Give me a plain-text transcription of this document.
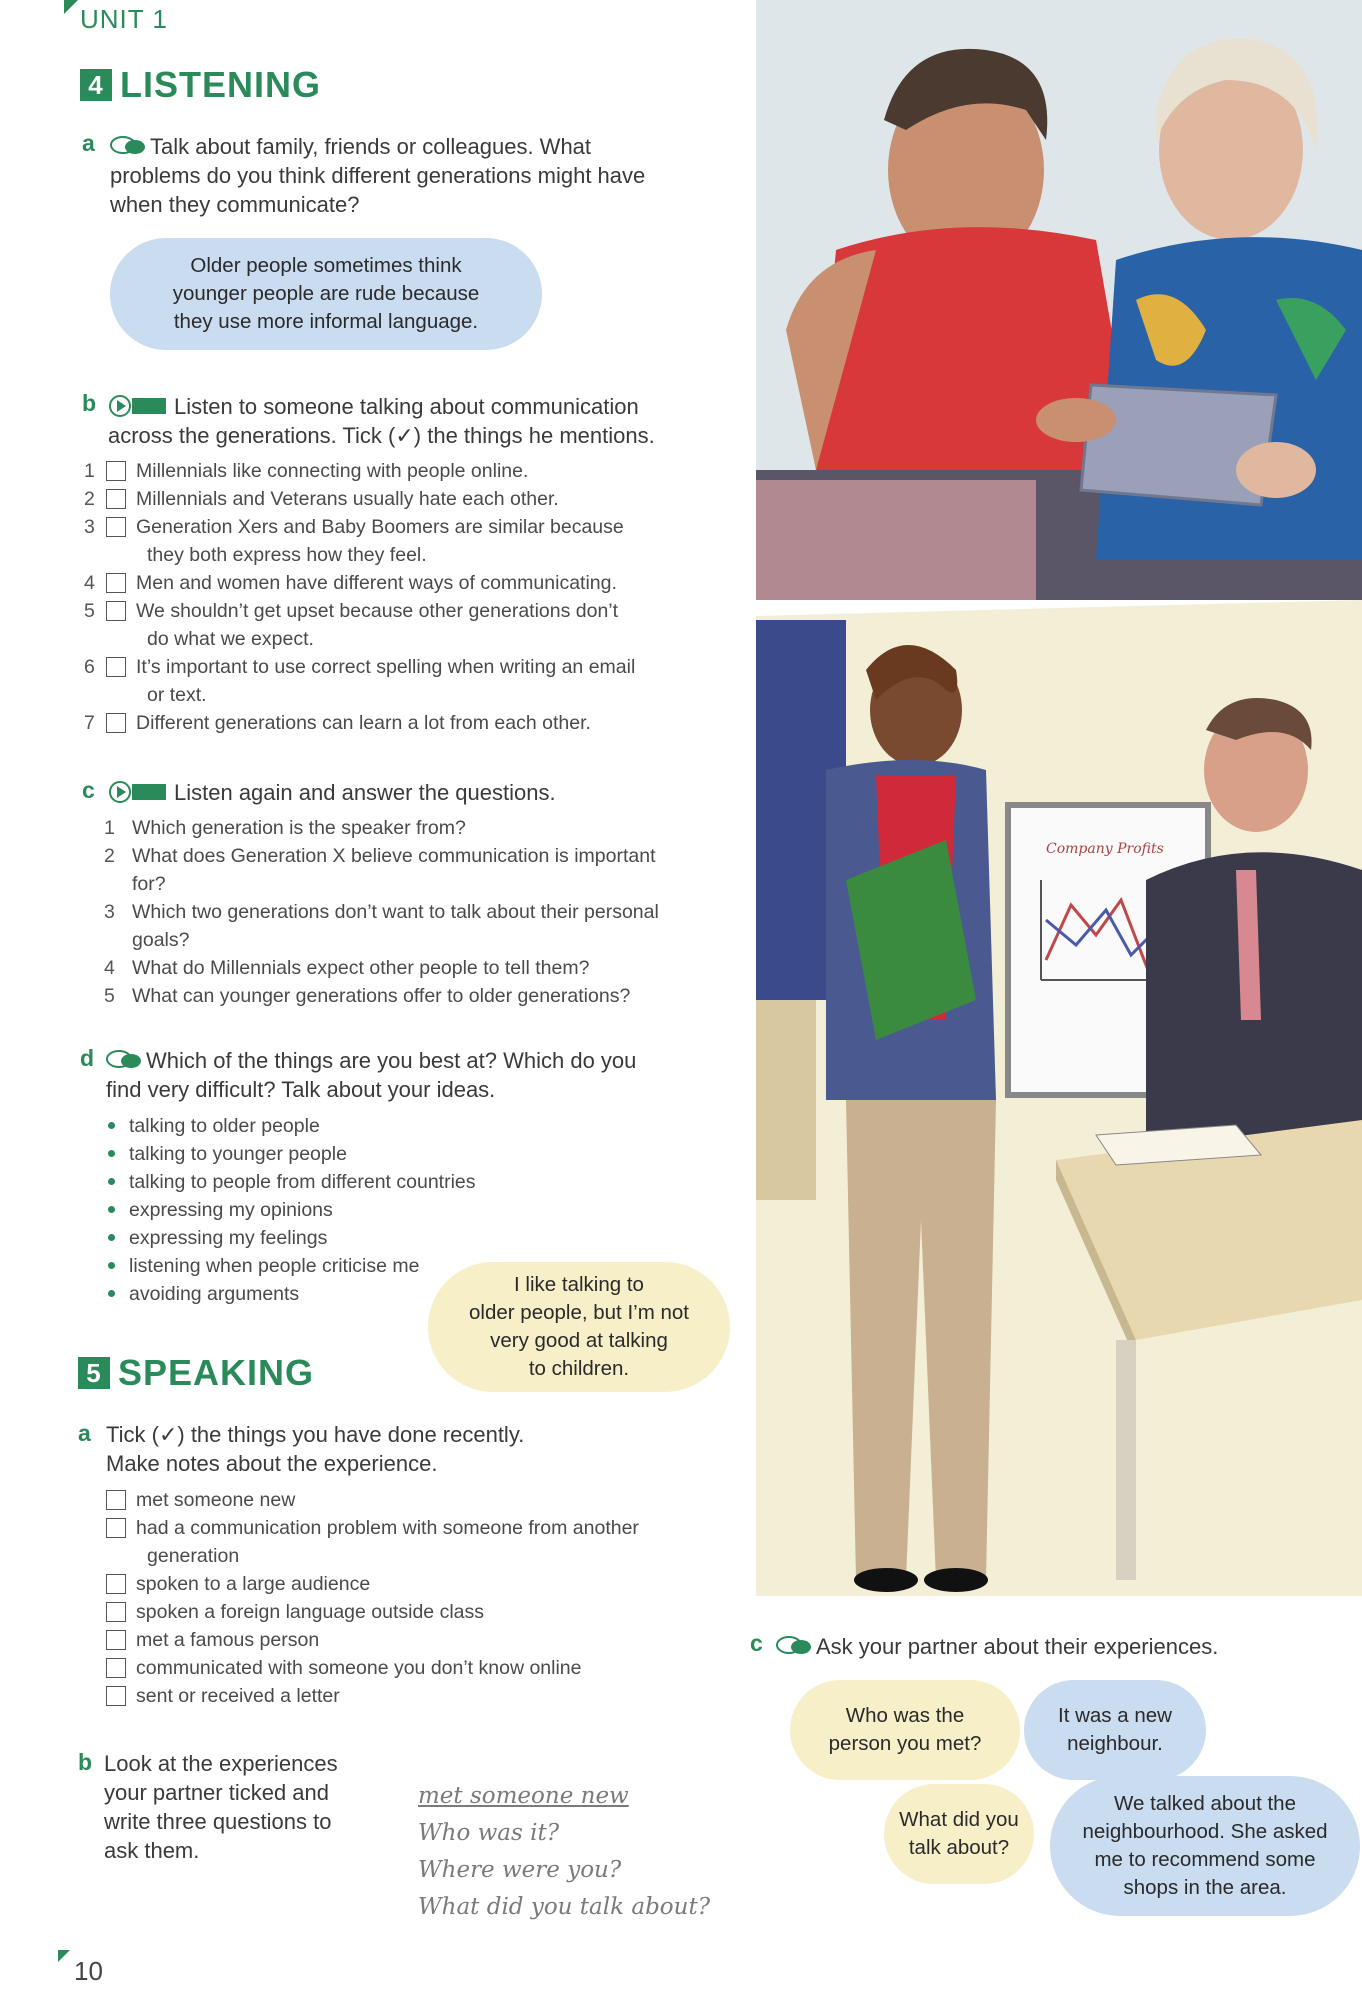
UNIT 1
4 LISTENING
a	Talk about family, friends or colleagues. What
problems do you think different generations might have
when they communicate?
Older people sometimes think
younger people are rude because
they use more informal language.
b	Listen to someone talking about communication
across the generations. Tick (✓) the things he mentions.
1 Millennials like connecting with people online.
2 Millennials and Veterans usually hate each other.
3 Generation Xers and Baby Boomers are similar because
they both express how they feel.
4 Men and women have different ways of communicating.
5 We shouldn’t get upset because other generations don’t
do what we expect.
6 It’s important to use correct spelling when writing an email
or text.
7 Different generations can learn a lot from each other.
c	Listen again and answer the questions.
1 Which generation is the speaker from?
2 What does Generation X believe communication is important
for?
3 Which two generations don’t want to talk about their personal
goals?
4 What do Millennials expect other people to tell them?
5 What can younger generations offer to older generations?
d	Which of the things are you best at? Which do you
find very difficult? Talk about your ideas.
talking to older people
talking to younger people
talking to people from different countries
expressing my opinions
expressing my feelings
listening when people criticise me
avoiding arguments	I like talking to
older people, but I’m not
very good at talking
to children.
5 SPEAKING
a Tick (✓) the things you have done recently.
Make notes about the experience.
met someone new
had a communication problem with someone from another
generation
spoken to a large audience
spoken a foreign language outside class
met a famous person
communicated with someone you don’t know online
sent or received a letter
b Look at the experiences
your partner ticked and
write three questions to
ask them.
met someone new
Who was it?
Where were you?
What did you talk about?
10
Company Profits
c	Ask your partner about their experiences.
Who was the
person you met?
It was a new
neighbour.
What did you
talk about?
We talked about the
neighbourhood. She asked
me to recommend some
shops in the area.
